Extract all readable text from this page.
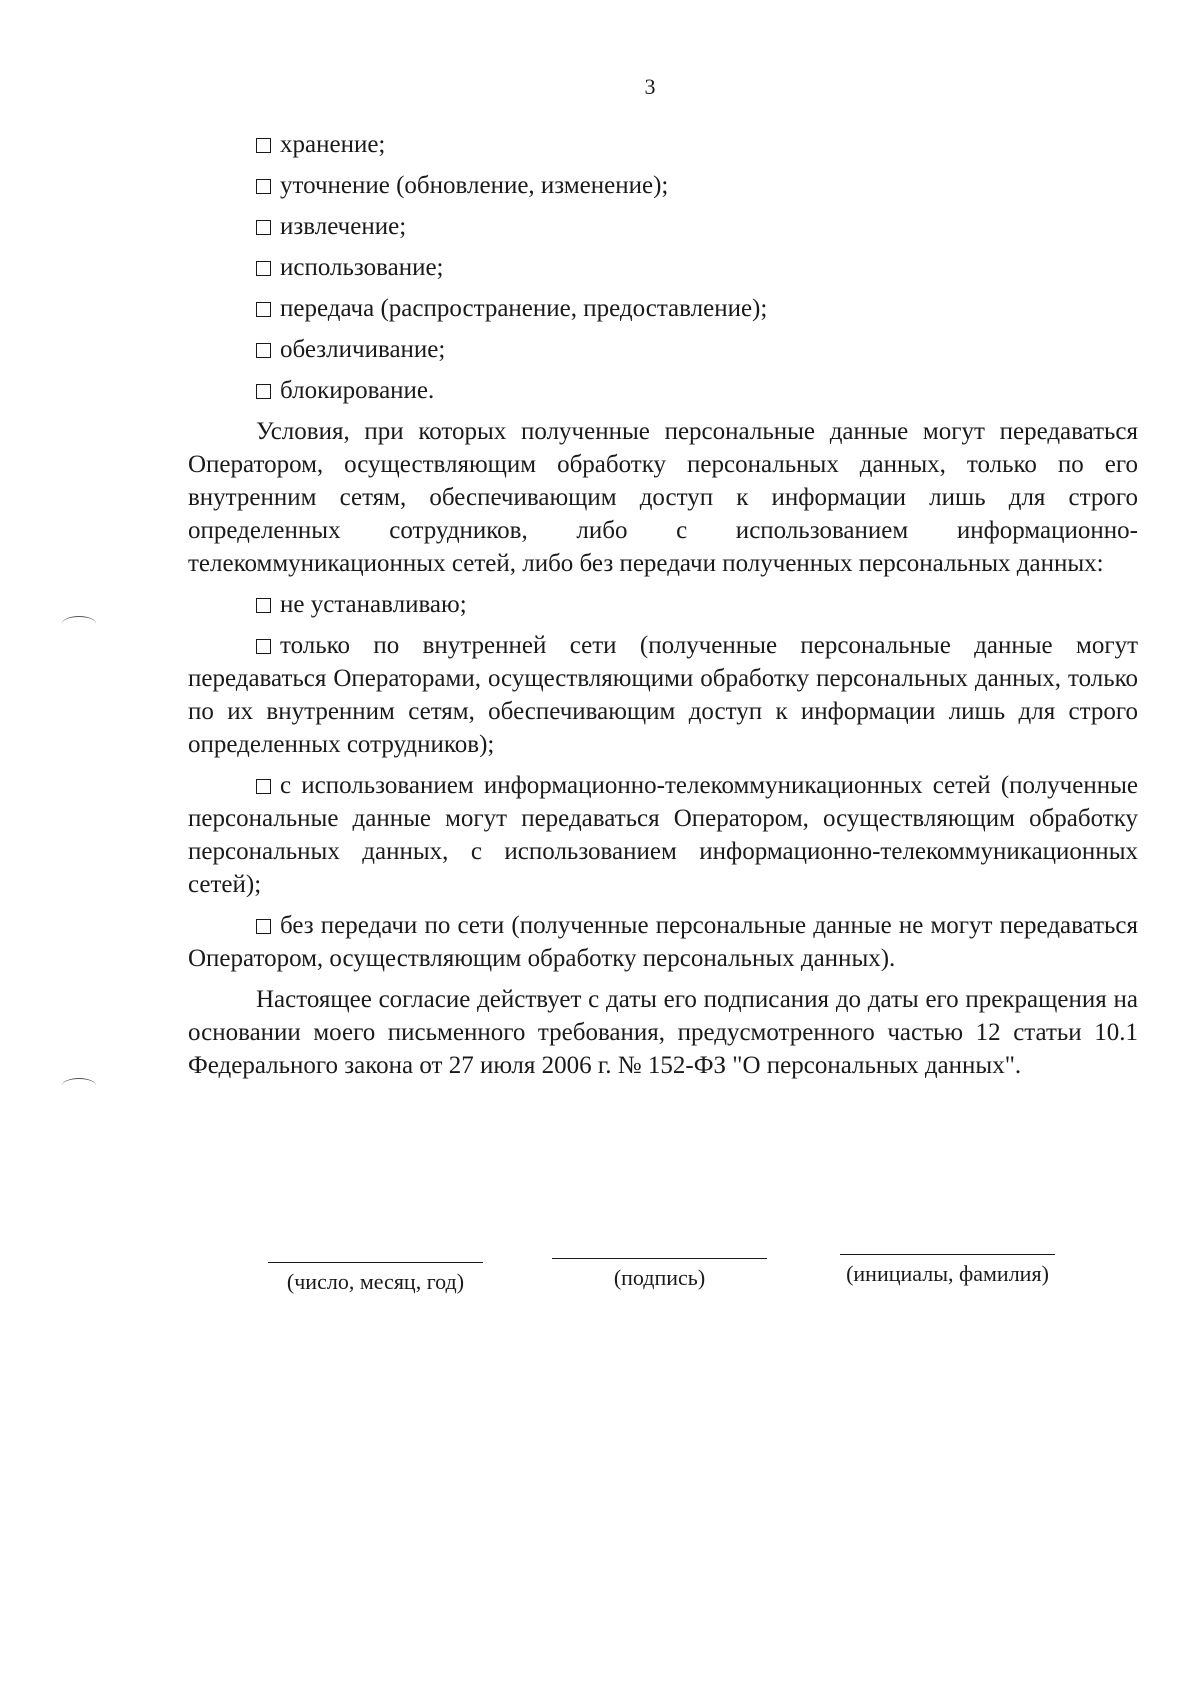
3
хранение;
уточнение (обновление, изменение);
извлечение;
использование;
передача (распространение, предоставление);
обезличивание;
блокирование.

Условия, при которых полученные персональные данные могут передаваться Оператором, осуществляющим обработку персональных данных, только по его внутренним сетям, обеспечивающим доступ к информации лишь для строго определенных сотрудников, либо с использованием информационно-телекоммуникационных сетей, либо без передачи полученных персональных данных:

не устанавливаю;

только по внутренней сети (полученные персональные данные могут передаваться Операторами, осуществляющими обработку персональных данных, только по их внутренним сетям, обеспечивающим доступ к информации лишь для строго определенных сотрудников);

с использованием информационно-телекоммуникационных сетей (полученные персональные данные могут передаваться Оператором, осуществляющим обработку персональных данных, с использованием информационно-телекоммуникационных сетей);

без передачи по сети (полученные персональные данные не могут передаваться Оператором, осуществляющим обработку персональных данных).

Настоящее согласие действует с даты его подписания до даты его прекращения на основании моего письменного требования, предусмотренного частью 12 статьи 10.1 Федерального закона от 27 июля 2006 г. № 152-ФЗ "О персональных данных".

(число, месяц, год)	(подпись)	(инициалы, фамилия)
